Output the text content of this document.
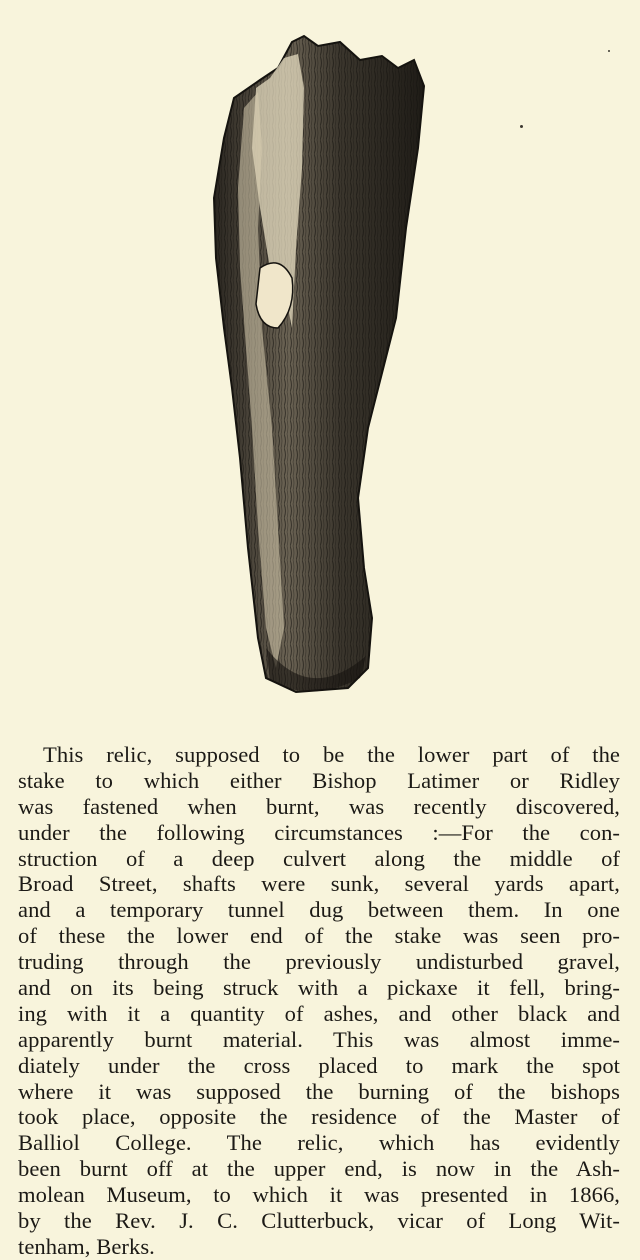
This relic, supposed to be the lower part of the
stake to which either Bishop Latimer or Ridley
was fastened when burnt, was recently discovered,
under the following circumstances :—For the con-
struction of a deep culvert along the middle of
Broad Street, shafts were sunk, several yards apart,
and a temporary tunnel dug between them. In one
of these the lower end of the stake was seen pro-
truding through the previously undisturbed gravel,
and on its being struck with a pickaxe it fell, bring-
ing with it a quantity of ashes, and other black and
apparently burnt material. This was almost imme-
diately under the cross placed to mark the spot
where it was supposed the burning of the bishops
took place, opposite the residence of the Master of
Balliol College. The relic, which has evidently
been burnt off at the upper end, is now in the Ash-
molean Museum, to which it was presented in 1866,
by the Rev. J. C. Clutterbuck, vicar of Long Wit-
tenham, Berks.
